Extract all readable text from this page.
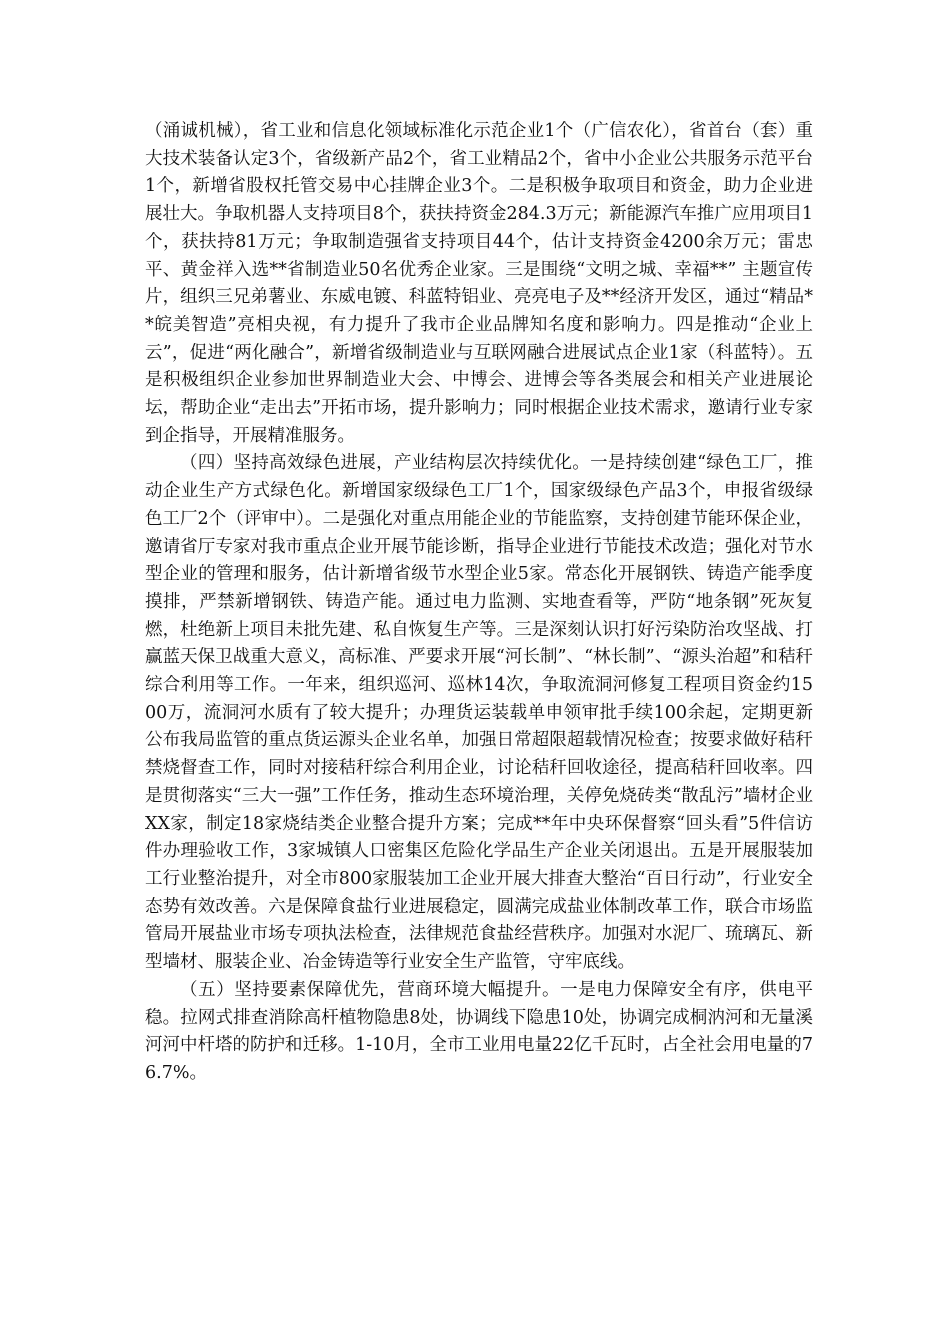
（涌诚机械），省工业和信息化领域标准化示范企业1个（广信农化），省首台（套）重大技术装备认定3个，省级新产品2个，省工业精品2个，省中小企业公共服务示范平台1个，新增省股权托管交易中心挂牌企业3个。二是积极争取项目和资金，助力企业进展壮大。争取机器人支持项目8个，获扶持资金284.3万元；新能源汽车推广应用项目1个，获扶持81万元；争取制造强省支持项目44个，估计支持资金4200余万元；雷忠平、黄金祥入选**省制造业50名优秀企业家。三是围绕“文明之城、幸福**” 主题宣传片，组织三兄弟薯业、东威电镀、科蓝特铝业、亮亮电子及**经济开发区，通过“精品**皖美智造”亮相央视，有力提升了我市企业品牌知名度和影响力。四是推动“企业上云”，促进“两化融合”，新增省级制造业与互联网融合进展试点企业1家（科蓝特）。五是积极组织企业参加世界制造业大会、中博会、进博会等各类展会和相关产业进展论坛，帮助企业“走出去”开拓市场，提升影响力；同时根据企业技术需求，邀请行业专家到企指导，开展精准服务。

（四）坚持高效绿色进展，产业结构层次持续优化。一是持续创建“绿色工厂，推动企业生产方式绿色化。新增国家级绿色工厂1个，国家级绿色产品3个，申报省级绿色工厂2个（评审中）。二是强化对重点用能企业的节能监察，支持创建节能环保企业，邀请省厅专家对我市重点企业开展节能诊断，指导企业进行节能技术改造；强化对节水型企业的管理和服务，估计新增省级节水型企业5家。常态化开展钢铁、铸造产能季度摸排，严禁新增钢铁、铸造产能。通过电力监测、实地查看等，严防“地条钢”死灰复燃，杜绝新上项目未批先建、私自恢复生产等。三是深刻认识打好污染防治攻坚战、打赢蓝天保卫战重大意义，高标准、严要求开展“河长制”、“林长制”、“源头治超”和秸秆综合利用等工作。一年来，组织巡河、巡林14次，争取流洞河修复工程项目资金约1500万，流洞河水质有了较大提升；办理货运装载单申领审批手续100余起，定期更新公布我局监管的重点货运源头企业名单，加强日常超限超载情况检查；按要求做好秸秆禁烧督查工作，同时对接秸秆综合利用企业，讨论秸秆回收途径，提高秸秆回收率。四是贯彻落实“三大一强”工作任务，推动生态环境治理，关停免烧砖类“散乱污”墙材企业XX家，制定18家烧结类企业整合提升方案；完成**年中央环保督察“回头看”5件信访件办理验收工作，3家城镇人口密集区危险化学品生产企业关闭退出。五是开展服装加工行业整治提升，对全市800家服装加工企业开展大排查大整治“百日行动”，行业安全态势有效改善。六是保障食盐行业进展稳定，圆满完成盐业体制改革工作，联合市场监管局开展盐业市场专项执法检查，法律规范食盐经营秩序。加强对水泥厂、琉璃瓦、新型墙材、服装企业、冶金铸造等行业安全生产监管，守牢底线。

（五）坚持要素保障优先，营商环境大幅提升。一是电力保障安全有序，供电平稳。拉网式排查消除高杆植物隐患8处，协调线下隐患10处，协调完成桐汭河和无量溪河河中杆塔的防护和迁移。1-10月，全市工业用电量22亿千瓦时，占全社会用电量的76.7%。
